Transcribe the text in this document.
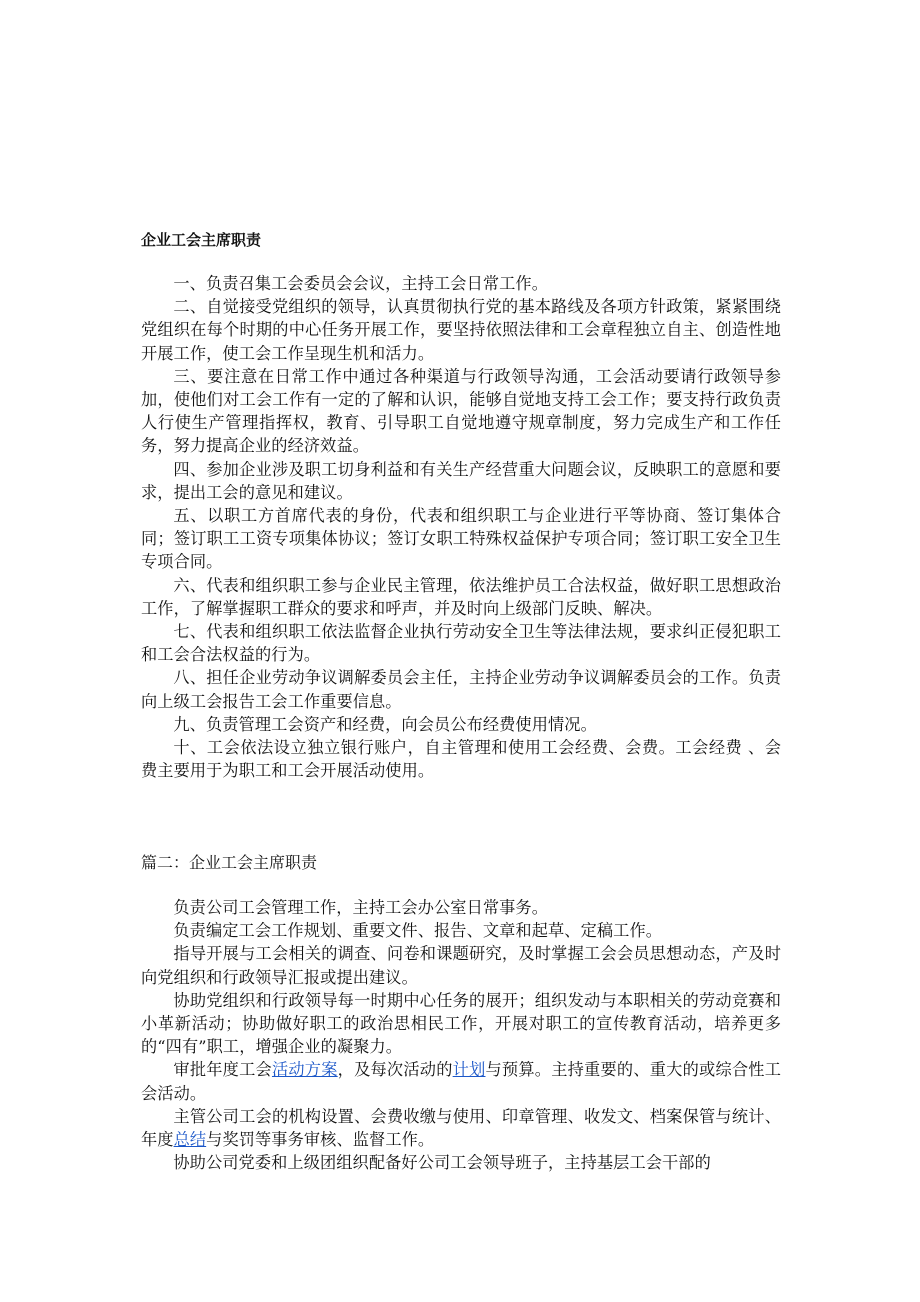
企业工会主席职责

一、负责召集工会委员会会议，主持工会日常工作。

二、自觉接受党组织的领导，认真贯彻执行党的基本路线及各项方针政策，紧紧围绕党组织在每个时期的中心任务开展工作，要坚持依照法律和工会章程独立自主、创造性地开展工作，使工会工作呈现生机和活力。

三、要注意在日常工作中通过各种渠道与行政领导沟通，工会活动要请行政领导参加，使他们对工会工作有一定的了解和认识，能够自觉地支持工会工作；要支持行政负责人行使生产管理指挥权，教育、引导职工自觉地遵守规章制度，努力完成生产和工作任务，努力提高企业的经济效益。

四、参加企业涉及职工切身利益和有关生产经营重大问题会议，反映职工的意愿和要求，提出工会的意见和建议。

五、以职工方首席代表的身份，代表和组织职工与企业进行平等协商、签订集体合同；签订职工工资专项集体协议；签订女职工特殊权益保护专项合同；签订职工安全卫生专项合同。

六、代表和组织职工参与企业民主管理，依法维护员工合法权益，做好职工思想政治工作，了解掌握职工群众的要求和呼声，并及时向上级部门反映、解决。

七、代表和组织职工依法监督企业执行劳动安全卫生等法律法规，要求纠正侵犯职工和工会合法权益的行为。

八、担任企业劳动争议调解委员会主任，主持企业劳动争议调解委员会的工作。负责向上级工会报告工会工作重要信息。

九、负责管理工会资产和经费，向会员公布经费使用情况。

十、工会依法设立独立银行账户，自主管理和使用工会经费、会费。工会经费 、会费主要用于为职工和工会开展活动使用。

篇二：企业工会主席职责

负责公司工会管理工作，主持工会办公室日常事务。

负责编定工会工作规划、重要文件、报告、文章和起草、定稿工作。

指导开展与工会相关的调查、问卷和课题研究，及时掌握工会会员思想动态，产及时向党组织和行政领导汇报或提出建议。

协助党组织和行政领导每一时期中心任务的展开；组织发动与本职相关的劳动竞赛和小革新活动；协助做好职工的政治思相民工作，开展对职工的宣传教育活动，培养更多的“四有”职工，增强企业的凝聚力。

审批年度工会活动方案，及每次活动的计划与预算。主持重要的、重大的或综合性工会活动。

主管公司工会的机构设置、会费收缴与使用、印章管理、收发文、档案保管与统计、年度总结与奖罚等事务审核、监督工作。

协助公司党委和上级团组织配备好公司工会领导班子，主持基层工会干部的
